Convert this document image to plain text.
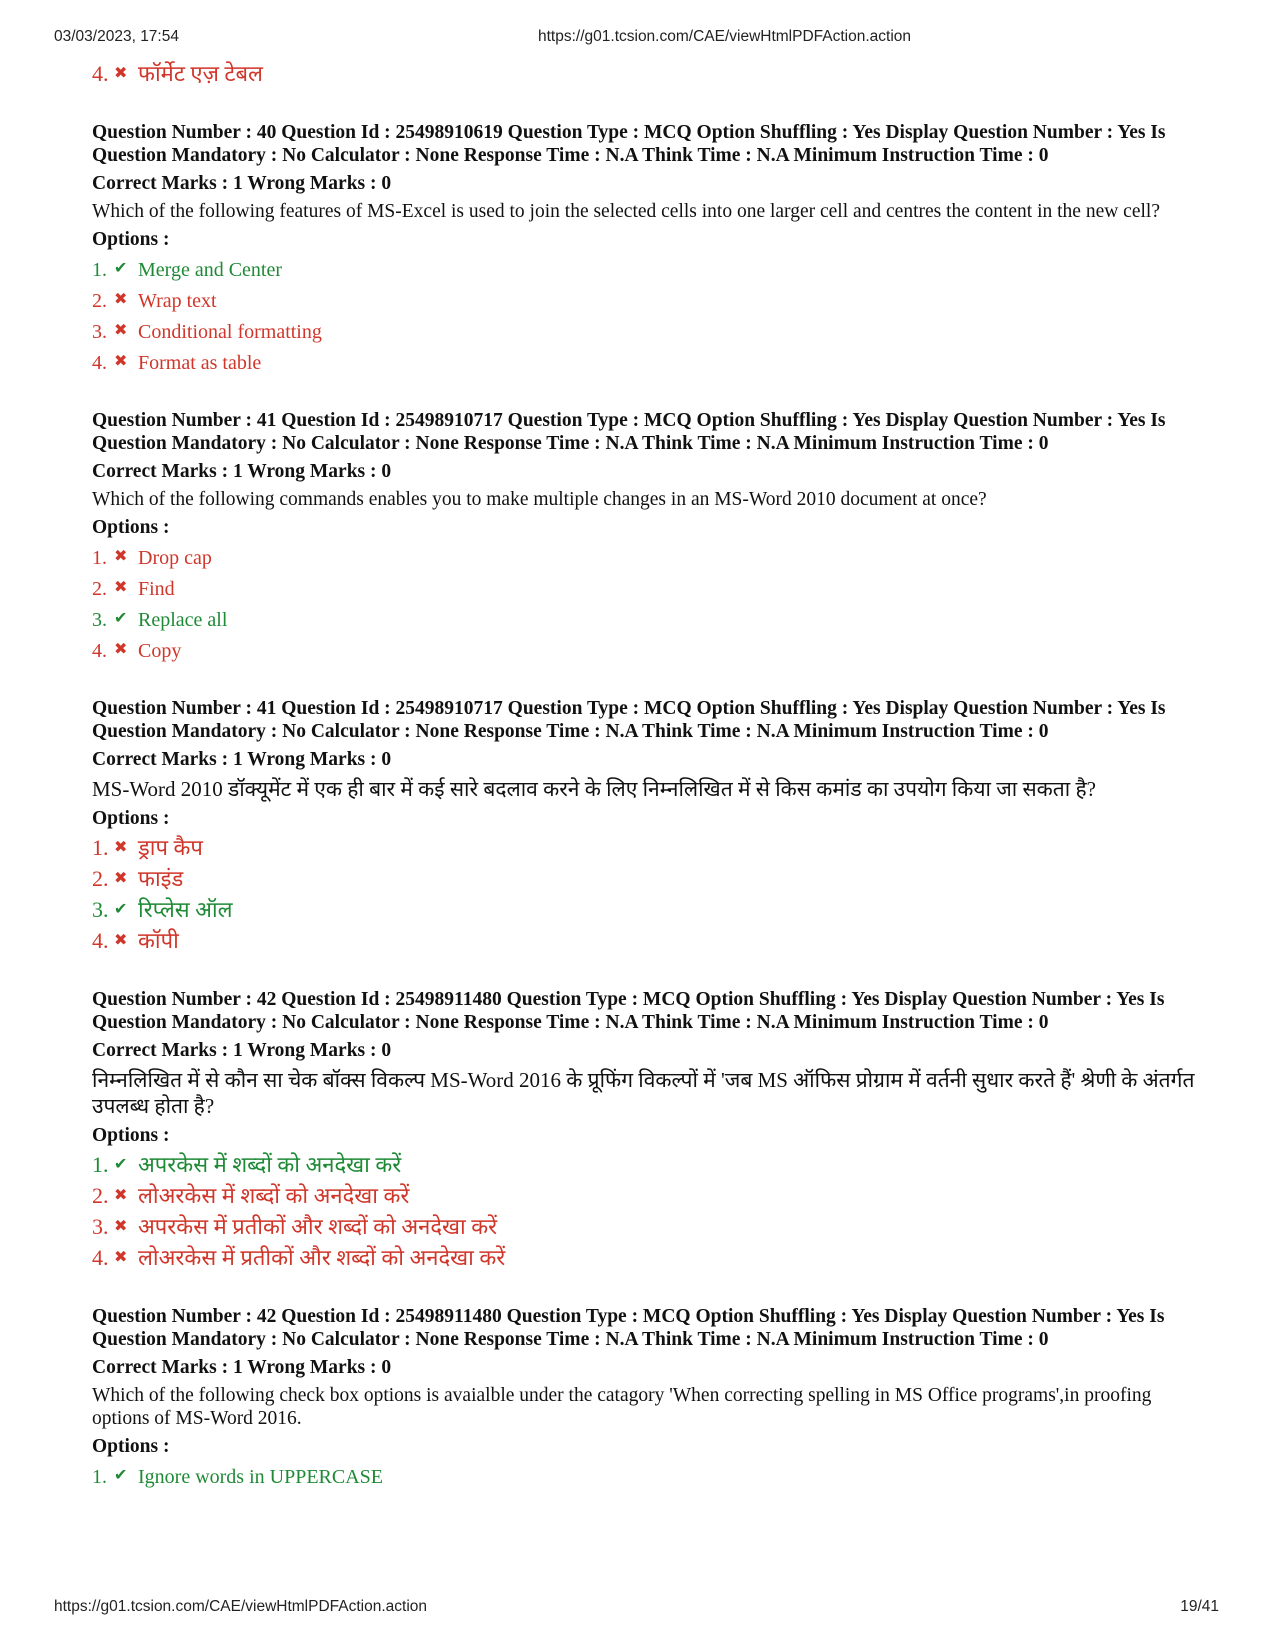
03/03/2023, 17:54	https://g01.tcsion.com/CAE/viewHtmlPDFAction.action
4. ✖ फॉर्मेट एज़ टेबल
Question Number : 40 Question Id : 25498910619 Question Type : MCQ Option Shuffling : Yes Display Question Number : Yes Is Question Mandatory : No Calculator : None Response Time : N.A Think Time : N.A Minimum Instruction Time : 0
Correct Marks : 1 Wrong Marks : 0
Which of the following features of MS-Excel is used to join the selected cells into one larger cell and centres the content in the new cell?
Options :
1. ✔ Merge and Center
2. ✖ Wrap text
3. ✖ Conditional formatting
4. ✖ Format as table
Question Number : 41 Question Id : 25498910717 Question Type : MCQ Option Shuffling : Yes Display Question Number : Yes Is Question Mandatory : No Calculator : None Response Time : N.A Think Time : N.A Minimum Instruction Time : 0
Correct Marks : 1 Wrong Marks : 0
Which of the following commands enables you to make multiple changes in an MS-Word 2010 document at once?
Options :
1. ✖ Drop cap
2. ✖ Find
3. ✔ Replace all
4. ✖ Copy
Question Number : 41 Question Id : 25498910717 Question Type : MCQ Option Shuffling : Yes Display Question Number : Yes Is Question Mandatory : No Calculator : None Response Time : N.A Think Time : N.A Minimum Instruction Time : 0
Correct Marks : 1 Wrong Marks : 0
MS-Word 2010 डॉक्यूमेंट में एक ही बार में कई सारे बदलाव करने के लिए निम्नलिखित में से किस कमांड का उपयोग किया जा सकता है?
Options :
1. ✖ ड्राप कैप
2. ✖ फाइंड
3. ✔ रिप्लेस ऑल
4. ✖ कॉपी
Question Number : 42 Question Id : 25498911480 Question Type : MCQ Option Shuffling : Yes Display Question Number : Yes Is Question Mandatory : No Calculator : None Response Time : N.A Think Time : N.A Minimum Instruction Time : 0
Correct Marks : 1 Wrong Marks : 0
निम्नलिखित में से कौन सा चेक बॉक्स विकल्प MS-Word 2016 के प्रूफिंग विकल्पों में 'जब MS ऑफिस प्रोग्राम में वर्तनी सुधार करते हैं' श्रेणी के अंतर्गत उपलब्ध होता है?
Options :
1. ✔ अपरकेस में शब्दों को अनदेखा करें
2. ✖ लोअरकेस में शब्दों को अनदेखा करें
3. ✖ अपरकेस में प्रतीकों और शब्दों को अनदेखा करें
4. ✖ लोअरकेस में प्रतीकों और शब्दों को अनदेखा करें
Question Number : 42 Question Id : 25498911480 Question Type : MCQ Option Shuffling : Yes Display Question Number : Yes Is Question Mandatory : No Calculator : None Response Time : N.A Think Time : N.A Minimum Instruction Time : 0
Correct Marks : 1 Wrong Marks : 0
Which of the following check box options is avaialble under the catagory 'When correcting spelling in MS Office programs',in proofing options of MS-Word 2016.
Options :
1. ✔ Ignore words in UPPERCASE
https://g01.tcsion.com/CAE/viewHtmlPDFAction.action	19/41
